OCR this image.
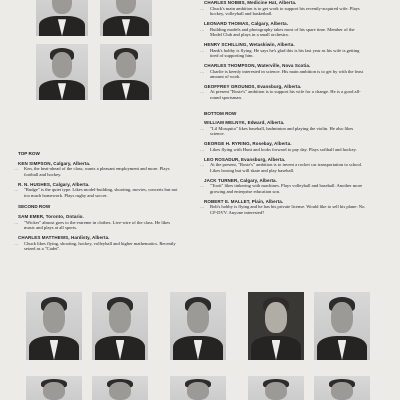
CHARLES NOBBS, Medicine Hat, Alberta.
. . . Chuck's main ambition is to get work to support his recently-acquired wife. Plays hockey, volleyball and basketball.
LEONARD THOMAS, Calgary, Alberta.
. . . Building models and photography takes most of his spare time. Member of the Model Club and plays in a small orchestra.
HENRY SCHILLING, Wetaskiwin, Alberta.
. . . Hank's hobby is flying. He says he's glad this is his last year as his wife is getting tired of supporting him.
CHARLES THOMPSON, Waterville, Nova Scotia.
. . . Charlie is keenly interested in science. His main ambition is to get by with the least amount of work.
GEOFFREY GROUNDS, Evansburg, Alberta.
. . . At present "Rosie's" ambition is to support his wife for a change. He is a good all-round sportsman.
BOTTOM ROW
WILLIAM MELNYK, Edward, Alberta.
. . . "Lil Mosquito" likes baseball, badminton and playing the violin. He also likes science.
GEORGE H. RYRING, Rosebay, Alberta.
. . . Likes flying with Hunt and looks forward to pay day. Plays softball and hockey.
LEO ROSADUR, Evansburg, Alberta.
. . . At the present, "Rosie's" ambition is to invent a rocket car transportation to school. Likes boxing but will skate and play baseball.
JACK TURNER, Calgary, Alberta.
. . . "Tooti" likes tinkering with machines. Plays volleyball and baseball. Another more growing and enterprise education son.
ROBERT E. MALLET, Plain, Alberta.
. . . Bob's hobby is flying and he has his private license. Would like to sell his plane: No. CF-DVV. Anyone interested?
TOP ROW
KEN SIMPSON, Calgary, Alberta.
. . . Ken, the heat-ahead of the class, wants a pleasant employment and more. Plays football and hockey.
R. N. HUGHES, Calgary, Alberta.
. . . "Rudge" is the quiet type. Likes model-building, shooting, movies, concerts but not too much homework. Plays rugby and soccer.
SECOND ROW
SAM EMER, Toronto, Ontario.
. . . "Wicker" almost goes to the extreme in clothes. Live-wire of the class. He likes music and plays at all sports.
CHARLES MATTHEWS, Hardisty, Alberta.
. . . Chuck likes flying, shooting, hockey, volleyball and higher mathematics. Recently seized as a "Cadet".
